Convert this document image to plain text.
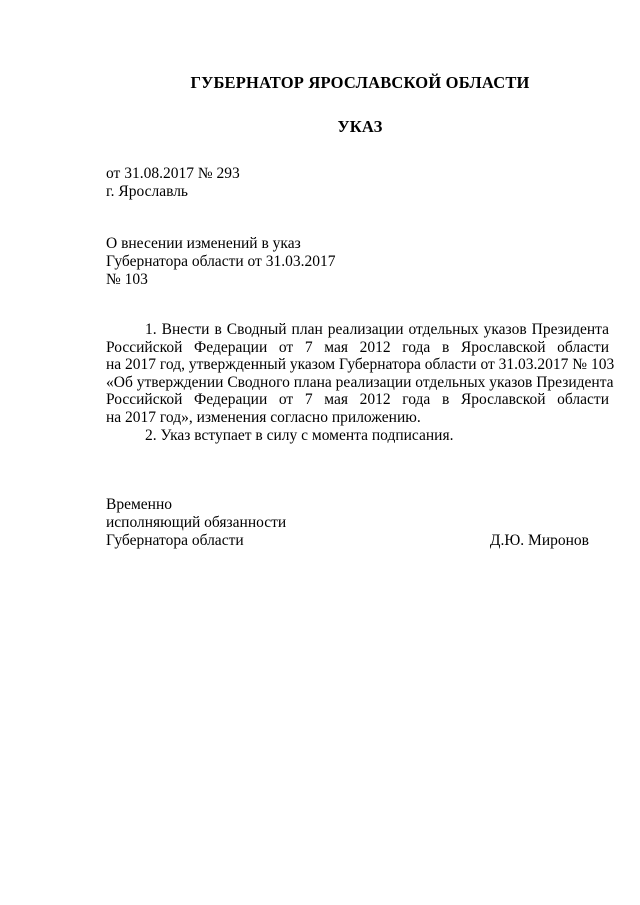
ГУБЕРНАТОР ЯРОСЛАВСКОЙ ОБЛАСТИ
УКАЗ
от 31.08.2017 № 293
г. Ярославль
О внесении изменений в указ
Губернатора области от 31.03.2017
№ 103
1. Внести в Сводный план реализации отдельных указов Президента
Российской Федерации от 7 мая 2012 года в Ярославской области
на 2017 год, утвержденный указом Губернатора области от 31.03.2017 № 103
«Об утверждении Сводного плана реализации отдельных указов Президента
Российской Федерации от 7 мая 2012 года в Ярославской области
на 2017 год», изменения согласно приложению.
2. Указ вступает в силу с момента подписания.
Временно
исполняющий обязанности
Губернатора области	Д.Ю. Миронов
